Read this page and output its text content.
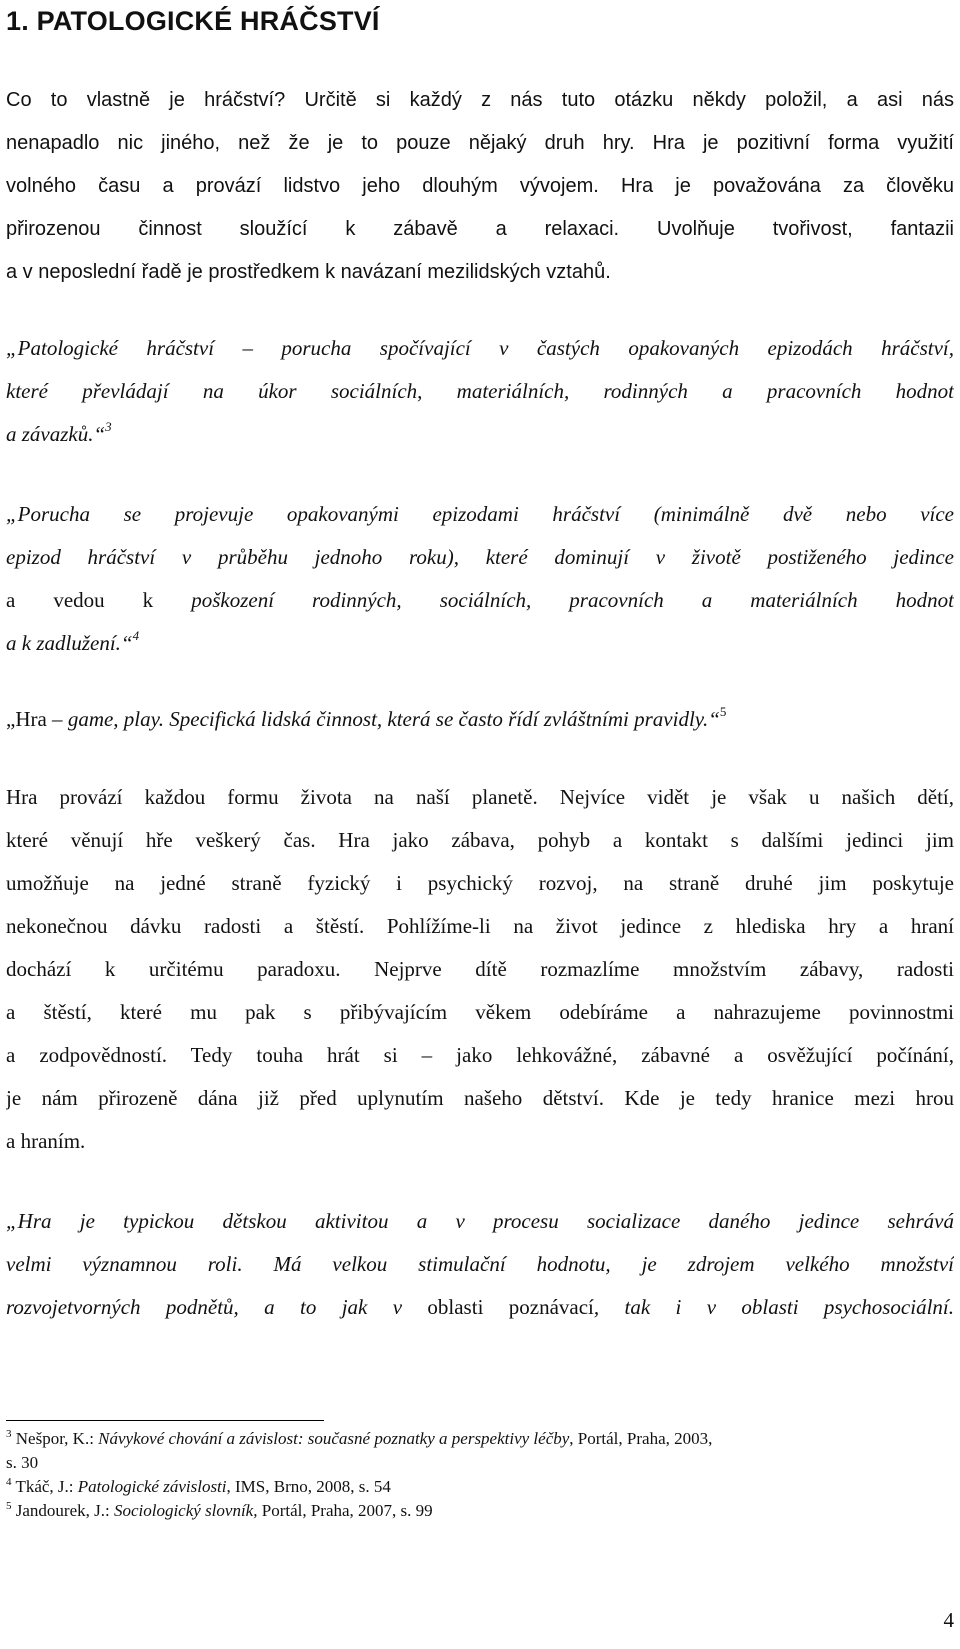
1. PATOLOGICKÉ HRÁČSTVÍ
Co to vlastně je hráčství? Určitě si každý z nás tuto otázku někdy položil, a asi nás
nenapadlo nic jiného, než že je to pouze nějaký druh hry. Hra je pozitivní forma využití
volného času a provází lidstvo jeho dlouhým vývojem. Hra je považována za člověku
přirozenou činnost sloužící k zábavě a relaxaci. Uvolňuje tvořivost, fantazii
a v neposlední řadě je prostředkem k navázaní mezilidských vztahů.
„Patologické hráčství – porucha spočívající v častých opakovaných epizodách hráčství,
které převládají na úkor sociálních, materiálních, rodinných a pracovních hodnot
a závazků.“$^3$
„Porucha se projevuje opakovanými epizodami hráčství (minimálně dvě nebo více
epizod hráčství v průběhu jednoho roku), které dominují v životě postiženého jedince
a vedou k poškození rodinných, sociálních, pracovních a materiálních hodnot
a k zadlužení.“$^4$
„Hra – game, play. Specifická lidská činnost, která se často řídí zvláštními pravidly.“$^5$
Hra provází každou formu života na naší planetě. Nejvíce vidět je však u našich dětí,
které věnují hře veškerý čas. Hra jako zábava, pohyb a kontakt s dalšími jedinci jim
umožňuje na jedné straně fyzický i psychický rozvoj, na straně druhé jim poskytuje
nekonečnou dávku radosti a štěstí. Pohlížíme-li na život jedince z hlediska hry a hraní
dochází k určitému paradoxu. Nejprve dítě rozmazlíme množstvím zábavy, radosti
a štěstí, které mu pak s přibývajícím věkem odebíráme a nahrazujeme povinnostmi
a zodpovědností. Tedy touha hrát si – jako lehkovážné, zábavné a osvěžující počínání,
je nám přirozeně dána již před uplynutím našeho dětství. Kde je tedy hranice mezi hrou
a hraním.
„Hra je typickou dětskou aktivitou a v procesu socializace daného jedince sehrává
velmi významnou roli. Má velkou stimulační hodnotu, je zdrojem velkého množství
rozvojetvorných podnětů, a to jak v oblasti poznávací, tak i v oblasti psychosociální.
$^3$ Nešpor, K.: Návykové chování a závislost: současné poznatky a perspektivy léčby, Portál, Praha, 2003,
s. 30
$^4$ Tkáč, J.: Patologické závislosti, IMS, Brno, 2008, s. 54
$^5$ Jandourek, J.: Sociologický slovník, Portál, Praha, 2007, s. 99
4
